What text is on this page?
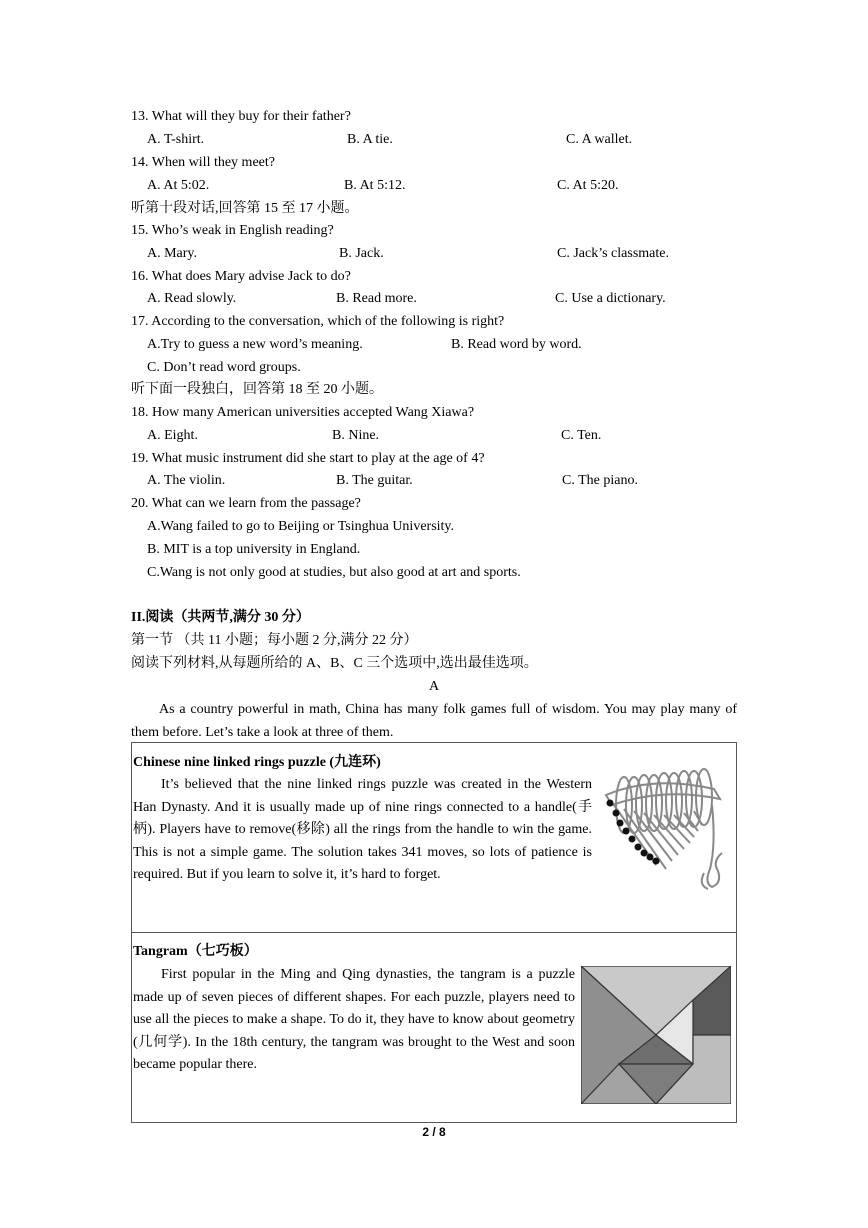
13. What will they buy for their father?
A. T-shirt.	B. A tie.	C. A wallet.
14. When will they meet?
A. At 5:02.	B. At 5:12.	C. At 5:20.
听第十段对话,回答第 15 至 17 小题。
15. Who’s weak in English reading?
A. Mary.	B. Jack.	C. Jack’s classmate.
16. What does Mary advise Jack to do?
A. Read slowly.	B. Read more.	C. Use a dictionary.
17. According to the conversation, which of the following is right?
A.Try to guess a new word’s meaning.	B. Read word by word.
C. Don’t read word groups.
听下面一段独白，回答第 18 至 20 小题。
18. How many American universities accepted Wang Xiawa?
A. Eight.	B. Nine.	C. Ten.
19. What music instrument did she start to play at the age of 4?
A. The violin.	B. The guitar.	C. The piano.
20. What can we learn from the passage?
A.Wang failed to go to Beijing or Tsinghua University.
B. MIT is a top university in England.
C.Wang is not only good at studies, but also good at art and sports.
II.阅读（共两节,满分 30 分）
第一节 （共 11 小题；每小题 2 分,满分 22 分）
阅读下列材料,从每题所给的 A、B、C 三个选项中,选出最佳选项。
A
As a country powerful in math, China has many folk games full of wisdom. You may play many of them before. Let’s take a look at three of them.
Chinese nine linked rings puzzle (九连环)
It’s believed that the nine linked rings puzzle was created in the Western Han Dynasty. And it is usually made up of nine rings connected to a handle(手柄). Players have to remove(移除) all the rings from the handle to win the game. This is not a simple game. The solution takes 341 moves, so lots of patience is required. But if you learn to solve it, it’s hard to forget.
Tangram（七巧板）
First popular in the Ming and Qing dynasties, the tangram is a puzzle made up of seven pieces of different shapes. For each puzzle, players need to use all the pieces to make a shape. To do it, they have to know about geometry (几何学). In the 18th century, the tangram was brought to the West and soon became popular there.
2 / 8
